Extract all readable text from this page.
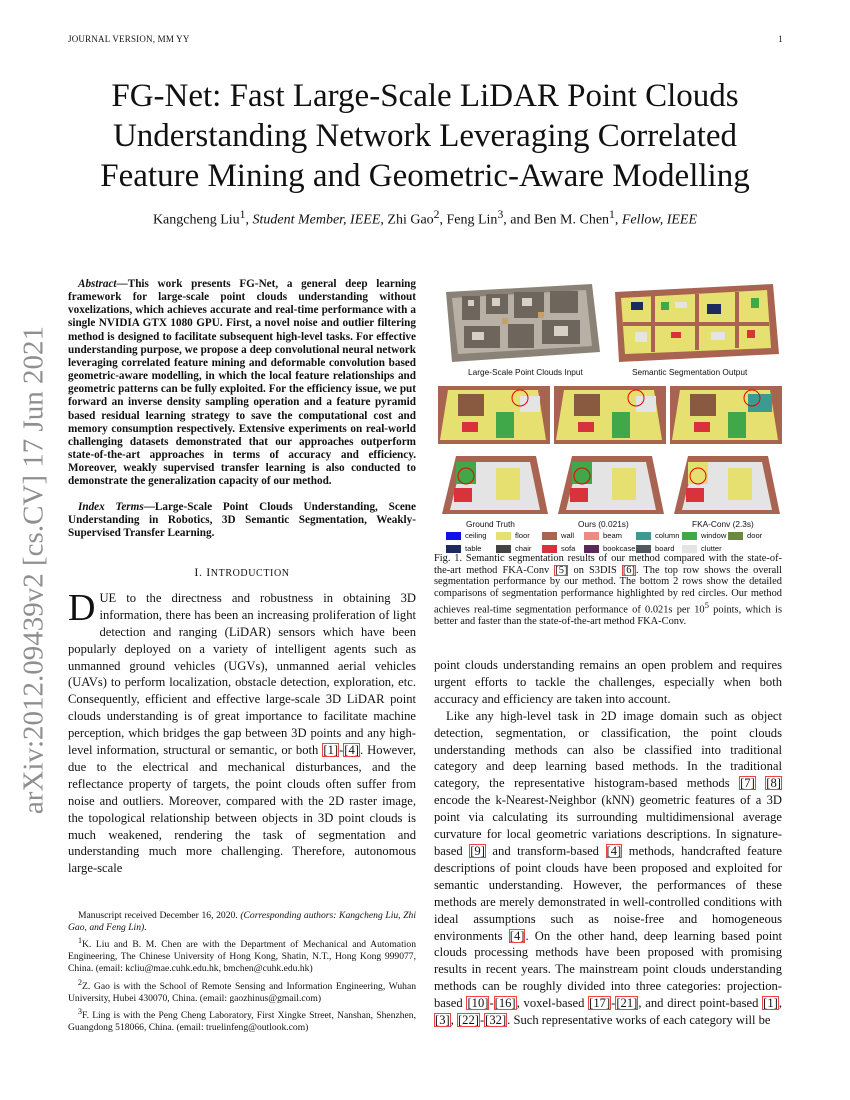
JOURNAL VERSION, MM YY	1
arXiv:2012.09439v2 [cs.CV] 17 Jun 2021
FG-Net: Fast Large-Scale LiDAR Point Clouds Understanding Network Leveraging Correlated Feature Mining and Geometric-Aware Modelling
Kangcheng Liu$^1$, Student Member, IEEE, Zhi Gao$^2$, Feng Lin$^3$, and Ben M. Chen$^1$, Fellow, IEEE

Abstract—This work presents FG-Net, a general deep learning framework for large-scale point clouds understanding without voxelizations, which achieves accurate and real-time performance with a single NVIDIA GTX 1080 GPU. First, a novel noise and outlier filtering method is designed to facilitate subsequent high-level tasks. For effective understanding purpose, we propose a deep convolutional neural network leveraging correlated feature mining and deformable convolution based geometric-aware modelling, in which the local feature relationships and geometric patterns can be fully exploited. For the efficiency issue, we put forward an inverse density sampling operation and a feature pyramid based residual learning strategy to save the computational cost and memory consumption respectively. Extensive experiments on real-world challenging datasets demonstrated that our approaches outperform state-of-the-art approaches in terms of accuracy and efficiency. Moreover, weakly supervised transfer learning is also conducted to demonstrate the generalization capacity of our method.

Index Terms—Large-Scale Point Clouds Understanding, Scene Understanding in Robotics, 3D Semantic Segmentation, Weakly-Supervised Transfer Learning.

I. INTRODUCTION

DUE to the directness and robustness in obtaining 3D information, there has been an increasing proliferation of light detection and ranging (LiDAR) sensors which have been popularly deployed on a variety of intelligent agents such as unmanned ground vehicles (UGVs), unmanned aerial vehicles (UAVs) to perform localization, obstacle detection, exploration, etc. Consequently, efficient and effective large-scale 3D LiDAR point clouds understanding is of great importance to facilitate machine perception, which bridges the gap between 3D points and any high-level information, structural or semantic, or both [1]-[4]. However, due to the electrical and mechanical disturbances, and the reflectance property of targets, the point clouds often suffer from noise and outliers. Moreover, compared with the 2D raster image, the topological relationship between objects in 3D point clouds is much weakened, rendering the task of segmentation and understanding much more challenging. Therefore, autonomous large-scale

Manuscript received December 16, 2020. (Corresponding authors: Kangcheng Liu, Zhi Gao, and Feng Lin).

$^1$K. Liu and B. M. Chen are with the Department of Mechanical and Automation Engineering, The Chinese University of Hong Kong, Shatin, N.T., Hong Kong 999077, China. (email: kcliu@mae.cuhk.edu.hk, bmchen@cuhk.edu.hk)

$^2$Z. Gao is with the School of Remote Sensing and Information Engineering, Wuhan University, Hubei 430070, China. (email: gaozhinus@gmail.com)

$^3$F. Ling is with the Peng Cheng Laboratory, First Xingke Street, Nanshan, Shenzhen, Guangdong 518066, China. (email: truelinfeng@outlook.com)

Large-Scale Point Clouds Input	Semantic Segmentation Output
Ground Truth	Ours (0.021s)	FKA-Conv (2.3s)
ceiling	floor	wall	beam	column	window	door
table	chair	sofa	bookcase	board	clutter
Fig. 1. Semantic segmentation results of our method compared with the state-of-the-art method FKA-Conv [5] on S3DIS [6]. The top row shows the overall segmentation performance by our method. The bottom 2 rows show the detailed comparisons of segmentation performance highlighted by red circles. Our method achieves real-time segmentation performance of 0.021s per $10^5$ points, which is better and faster than the state-of-the-art method FKA-Conv.

point clouds understanding remains an open problem and requires urgent efforts to tackle the challenges, especially when both accuracy and efficiency are taken into account.

Like any high-level task in 2D image domain such as object detection, segmentation, or classification, the point clouds understanding methods can also be classified into traditional category and deep learning based methods. In the traditional category, the representative histogram-based methods [7] [8] encode the k-Nearest-Neighbor (kNN) geometric features of a 3D point via calculating its surrounding multidimensional average curvature for local geometric variations descriptions. In signature-based [9] and transform-based [4] methods, handcrafted feature descriptions of point clouds have been proposed and exploited for semantic understanding. However, the performances of these methods are merely demonstrated in well-controlled conditions with ideal assumptions such as noise-free and homogeneous environments [4]. On the other hand, deep learning based point clouds processing methods have been proposed with promising results in recent years. The mainstream point clouds understanding methods can be roughly divided into three categories: projection-based [10]-[16], voxel-based [17]-[21], and direct point-based [1], [3], [22]-[32]. Such representative works of each category will be
